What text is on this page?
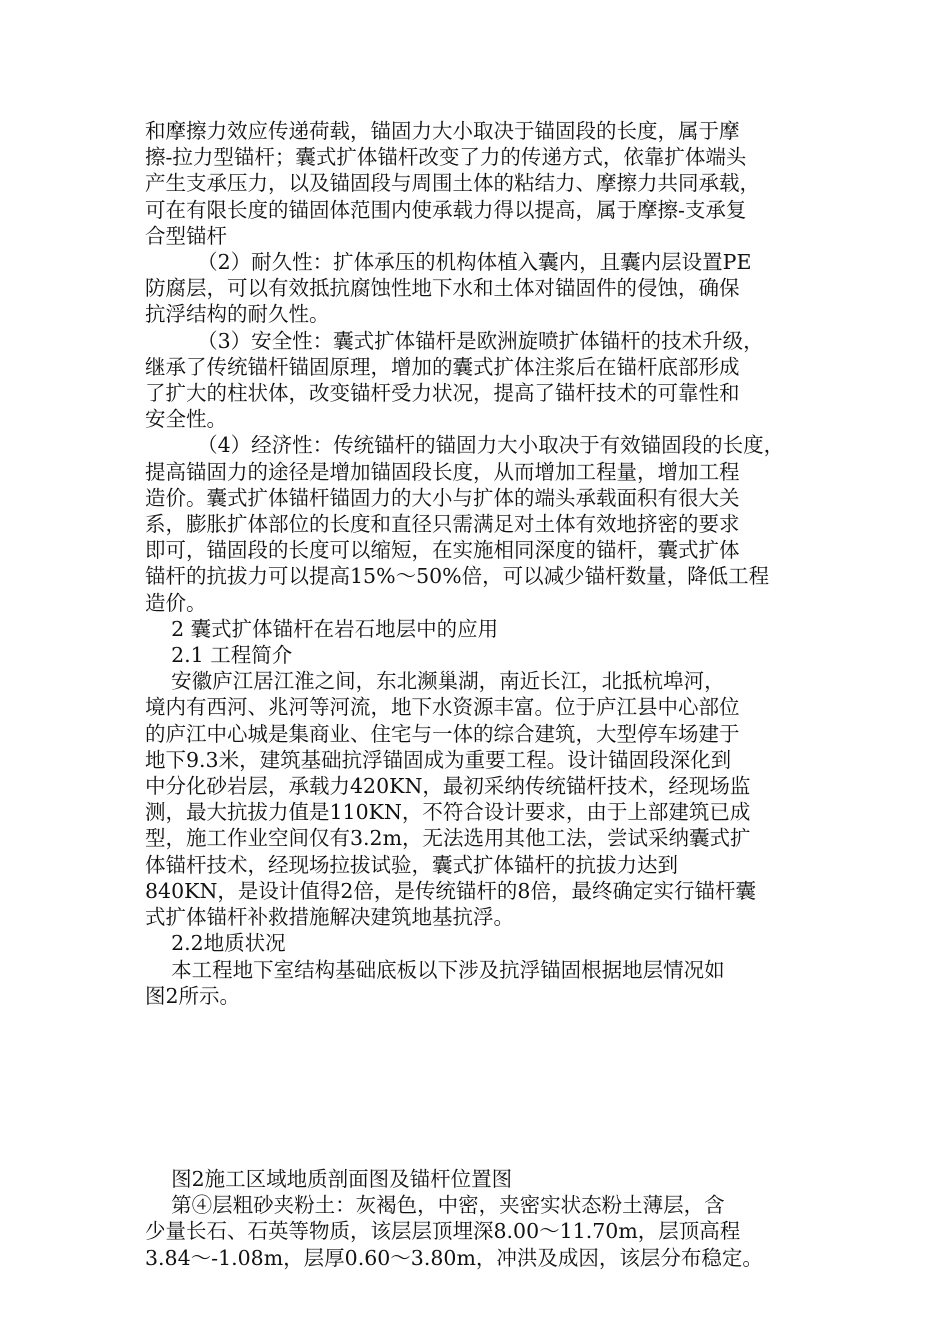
和摩擦力效应传递荷载，锚固力大小取决于锚固段的长度，属于摩
擦-拉力型锚杆；囊式扩体锚杆改变了力的传递方式，依靠扩体端头
产生支承压力，以及锚固段与周围土体的粘结力、摩擦力共同承载，
可在有限长度的锚固体范围内使承载力得以提高，属于摩擦-支承复
合型锚杆

（2）耐久性：扩体承压的机构体植入囊内，且囊内层设置PE
防腐层，可以有效抵抗腐蚀性地下水和土体对锚固件的侵蚀，确保
抗浮结构的耐久性。

（3）安全性：囊式扩体锚杆是欧洲旋喷扩体锚杆的技术升级，
继承了传统锚杆锚固原理，增加的囊式扩体注浆后在锚杆底部形成
了扩大的柱状体，改变锚杆受力状况，提高了锚杆技术的可靠性和
安全性。

（4）经济性：传统锚杆的锚固力大小取决于有效锚固段的长度，
提高锚固力的途径是增加锚固段长度，从而增加工程量，增加工程
造价。囊式扩体锚杆锚固力的大小与扩体的端头承载面积有很大关
系，膨胀扩体部位的长度和直径只需满足对土体有效地挤密的要求
即可，锚固段的长度可以缩短，在实施相同深度的锚杆，囊式扩体
锚杆的抗拔力可以提高15%～50%倍，可以减少锚杆数量，降低工程
造价。

2 囊式扩体锚杆在岩石地层中的应用

2.1 工程简介

安徽庐江居江淮之间，东北濒巢湖，南近长江，北抵杭埠河，
境内有西河、兆河等河流，地下水资源丰富。位于庐江县中心部位
的庐江中心城是集商业、住宅与一体的综合建筑，大型停车场建于
地下9.3米，建筑基础抗浮锚固成为重要工程。设计锚固段深化到
中分化砂岩层，承载力420KN，最初采纳传统锚杆技术，经现场监
测，最大抗拔力值是110KN，不符合设计要求，由于上部建筑已成
型，施工作业空间仅有3.2m，无法选用其他工法，尝试采纳囊式扩
体锚杆技术，经现场拉拔试验，囊式扩体锚杆的抗拔力达到
840KN，是设计值得2倍，是传统锚杆的8倍，最终确定实行锚杆囊
式扩体锚杆补救措施解决建筑地基抗浮。

2.2地质状况

本工程地下室结构基础底板以下涉及抗浮锚固根据地层情况如
图2所示。

图2施工区域地质剖面图及锚杆位置图

第④层粗砂夹粉土：灰褐色，中密，夹密实状态粉土薄层，含
少量长石、石英等物质，该层层顶埋深8.00～11.70m，层顶高程
3.84～-1.08m，层厚0.60～3.80m，冲洪及成因，该层分布稳定。
